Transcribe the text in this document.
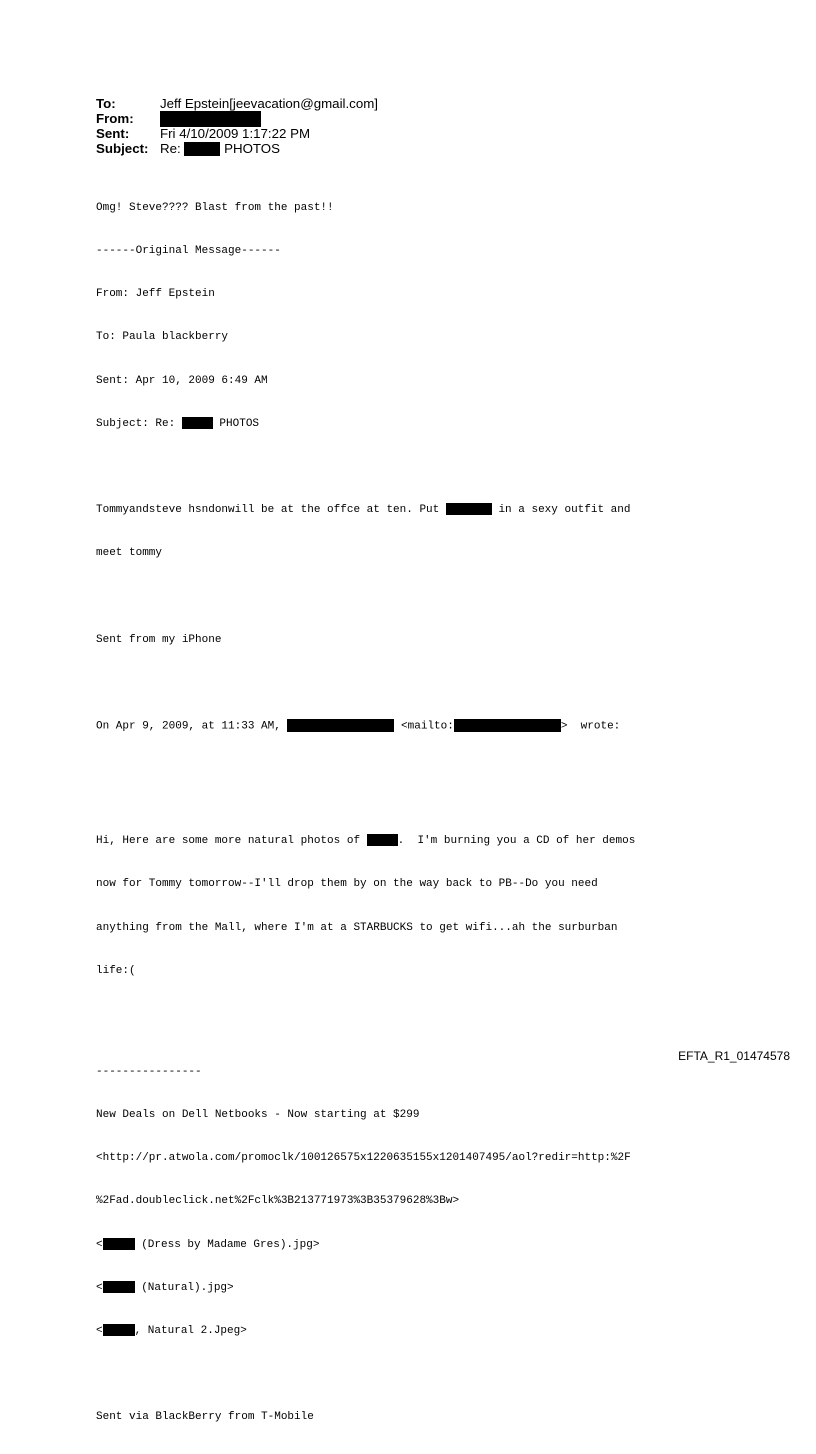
To:	Jeff Epstein[jeevacation@gmail.com]
From:
Sent: Fri 4/10/2009 1:17:22 PM
Subject: Re:	PHOTOS

Omg! Steve???? Blast from the past!!

------Original Message------

From: Jeff Epstein

To: Paula blackberry

Sent: Apr 10, 2009 6:49 AM

Subject: Re:	PHOTOS

Tommyandsteve hsndonwill be at the offce at ten. Put	in a sexy outfit and

meet tommy

Sent from my iPhone

On Apr 9, 2009, at 11:33 AM,	<mailto:	>  wrote:

Hi, Here are some more natural photos of	.  I'm burning you a CD of her demos

now for Tommy tomorrow--I'll drop them by on the way back to PB--Do you need

anything from the Mall, where I'm at a STARBUCKS to get wifi...ah the surburban

life:(

----------------

New Deals on Dell Netbooks - Now starting at $299

<http://pr.atwola.com/promoclk/100126575x1220635155x1201407495/aol?redir=http:%2F

%2Fad.doubleclick.net%2Fclk%3B213771973%3B35379628%3Bw>

<	(Dress by Madame Gres).jpg>

<	(Natural).jpg>

<	, Natural 2.Jpeg>

Sent via BlackBerry from T-Mobile

EFTA_R1_01474578
